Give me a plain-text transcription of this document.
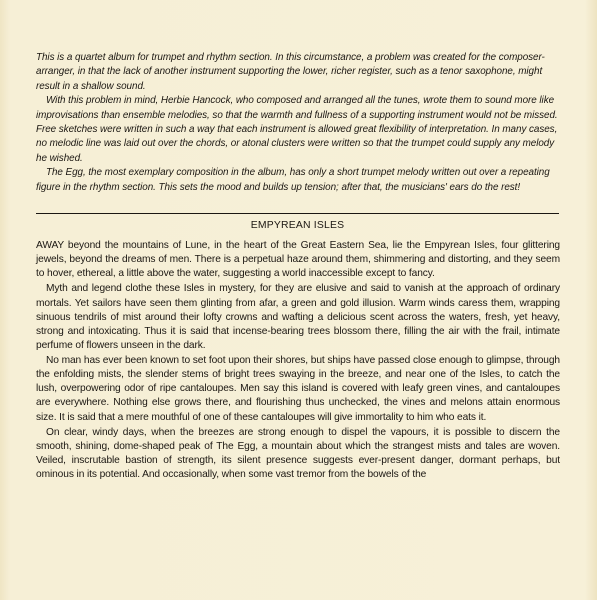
This is a quartet album for trumpet and rhythm section. In this circumstance, a problem was created for the composer-arranger, in that the lack of another instrument supporting the lower, richer register, such as a tenor saxophone, might result in a shallow sound.

With this problem in mind, Herbie Hancock, who composed and arranged all the tunes, wrote them to sound more like improvisations than ensemble melodies, so that the warmth and fullness of a supporting instrument would not be missed. Free sketches were written in such a way that each instrument is allowed great flexibility of interpretation. In many cases, no melodic line was laid out over the chords, or atonal clusters were written so that the trumpet could supply any melody he wished.

The Egg, the most exemplary composition in the album, has only a short trumpet melody written out over a repeating figure in the rhythm section. This sets the mood and builds up tension; after that, the musicians' ears do the rest!

EMPYREAN ISLES

AWAY beyond the mountains of Lune, in the heart of the Great Eastern Sea, lie the Empyrean Isles, four glittering jewels, beyond the dreams of men. There is a perpetual haze around them, shimmering and distorting, and they seem to hover, ethereal, a little above the water, suggesting a world inaccessible except to fancy.

Myth and legend clothe these Isles in mystery, for they are elusive and said to vanish at the approach of ordinary mortals. Yet sailors have seen them glinting from afar, a green and gold illusion. Warm winds caress them, wrapping sinuous tendrils of mist around their lofty crowns and wafting a delicious scent across the waters, fresh, yet heavy, strong and intoxicating. Thus it is said that incense-bearing trees blossom there, filling the air with the frail, intimate perfume of flowers unseen in the dark.

No man has ever been known to set foot upon their shores, but ships have passed close enough to glimpse, through the enfolding mists, the slender stems of bright trees swaying in the breeze, and near one of the Isles, to catch the lush, overpowering odor of ripe cantaloupes. Men say this island is covered with leafy green vines, and cantaloupes are everywhere. Nothing else grows there, and flourishing thus unchecked, the vines and melons attain enormous size. It is said that a mere mouthful of one of these cantaloupes will give immortality to him who eats it.

On clear, windy days, when the breezes are strong enough to dispel the vapours, it is possible to discern the smooth, shining, dome-shaped peak of The Egg, a mountain about which the strangest mists and tales are woven. Veiled, inscrutable bastion of strength, its silent presence suggests ever-present danger, dormant perhaps, but ominous in its potential. And occasionally, when some vast tremor from the bowels of the
